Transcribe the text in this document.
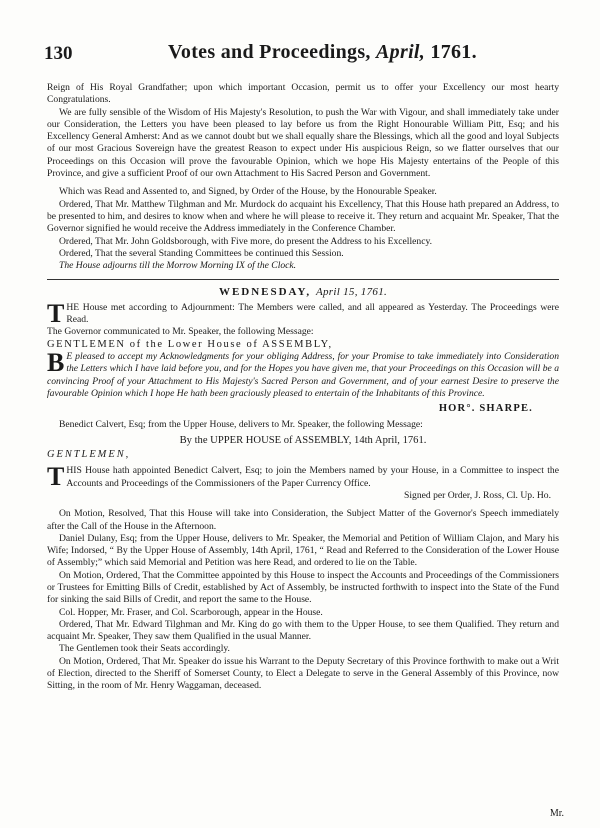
130	Votes and Proceedings, April, 1761.

Reign of His Royal Grandfather; upon which important Occasion, permit us to offer your Excellency our most hearty Congratulations.

We are fully sensible of the Wisdom of His Majesty's Resolution, to push the War with Vigour, and shall immediately take under our Consideration, the Letters you have been pleased to lay before us from the Right Honourable William Pitt, Esq; and his Excellency General Amherst: And as we cannot doubt but we shall equally share the Blessings, which all the good and loyal Subjects of our most Gracious Sovereign have the greatest Reason to expect under His auspicious Reign, so we flatter ourselves that our Proceedings on this Occasion will prove the favourable Opinion, which we hope His Majesty entertains of the People of this Province, and give a sufficient Proof of our own Attachment to His Sacred Person and Government.

Which was Read and Assented to, and Signed, by Order of the House, by the Honourable Speaker.

Ordered, That Mr. Matthew Tilghman and Mr. Murdock do acquaint his Excellency, That this House hath prepared an Address, to be presented to him, and desires to know when and where he will please to receive it. They return and acquaint Mr. Speaker, That the Governor signified he would receive the Address immediately in the Conference Chamber.

Ordered, That Mr. John Goldsborough, with Five more, do present the Address to his Excellency.

Ordered, That the several Standing Committees be continued this Session.

The House adjourns till the Morrow Morning IX of the Clock.

WEDNESDAY, April 15, 1761.

THE House met according to Adjournment: The Members were called, and all appeared as Yesterday. The Proceedings were Read.

The Governor communicated to Mr. Speaker, the following Message:

GENTLEMEN of the Lower House of ASSEMBLY,

B E pleased to accept my Acknowledgments for your obliging Address, for your Promise to take immediately into Consideration the Letters which I have laid before you, and for the Hopes you have given me, that your Proceedings on this Occasion will be a convincing Proof of your Attachment to His Majesty's Sacred Person and Government, and of your earnest Desire to preserve the favourable Opinion which I hope He hath been graciously pleased to entertain of the Inhabitants of this Province.

HOR°. SHARPE.

Benedict Calvert, Esq; from the Upper House, delivers to Mr. Speaker, the following Message:

By the UPPER HOUSE of ASSEMBLY, 14th April, 1761.
GENTLEMEN,

THIS House hath appointed Benedict Calvert, Esq; to join the Members named by your House, in a Committee to inspect the Accounts and Proceedings of the Commissioners of the Paper Currency Office.

Signed per Order, J. Ross, Cl. Up. Ho.

On Motion, Resolved, That this House will take into Consideration, the Subject Matter of the Governor's Speech immediately after the Call of the House in the Afternoon.

Daniel Dulany, Esq; from the Upper House, delivers to Mr. Speaker, the Memorial and Petition of William Clajon, and Mary his Wife; Indorsed, “ By the Upper House of Assembly, 14th April, 1761, “ Read and Referred to the Consideration of the Lower House of Assembly;” which said Memorial and Petition was here Read, and ordered to lie on the Table.

On Motion, Ordered, That the Committee appointed by this House to inspect the Accounts and Proceedings of the Commissioners or Trustees for Emitting Bills of Credit, established by Act of Assembly, be instructed forthwith to inspect into the State of the Fund for sinking the said Bills of Credit, and report the same to the House.

Col. Hopper, Mr. Fraser, and Col. Scarborough, appear in the House.

Ordered, That Mr. Edward Tilghman and Mr. King do go with them to the Upper House, to see them Qualified. They return and acquaint Mr. Speaker, They saw them Qualified in the usual Manner.

The Gentlemen took their Seats accordingly.

On Motion, Ordered, That Mr. Speaker do issue his Warrant to the Deputy Secretary of this Province forthwith to make out a Writ of Election, directed to the Sheriff of Somerset County, to Elect a Delegate to serve in the General Assembly of this Province, now Sitting, in the room of Mr. Henry Waggaman, deceased.

Mr.
